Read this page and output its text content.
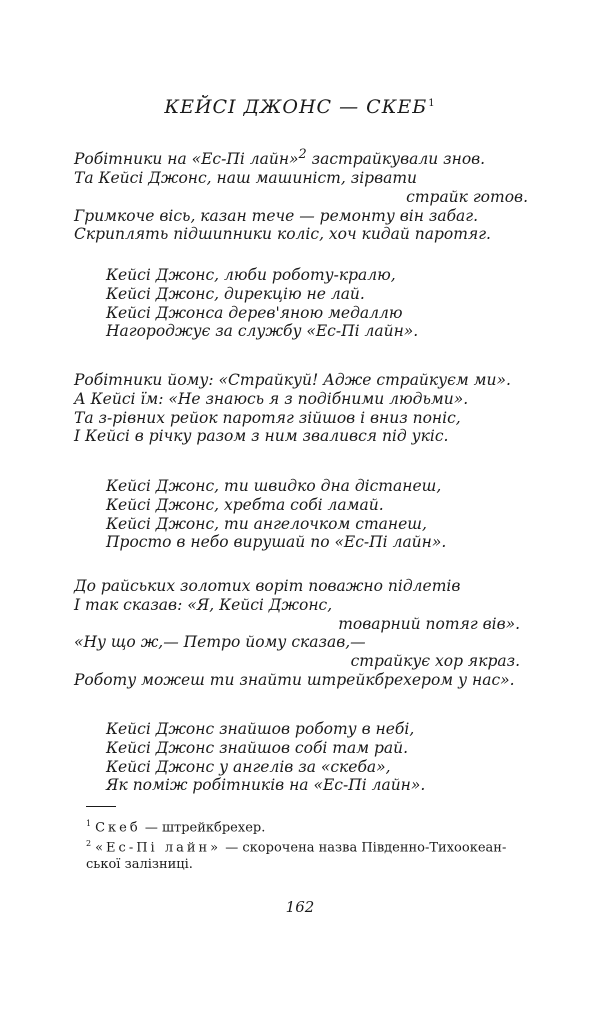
КЕЙСІ ДЖОНС — СКЕБ$^1$
Робітники на «Ес-Пі лайн»$^2$ застрайкували знов.
Та Кейсі Джонс, наш машиніст, зірвати
страйк готов.
Гримкоче вісь, казан тече — ремонту він забаг.
Скриплять підшипники коліс, хоч кидай паротяг.
Кейсі Джонс, люби роботу-кралю,
Кейсі Джонс, дирекцію не лай.
Кейсі Джонса дерев'яною медаллю
Нагороджує за службу «Ес-Пі лайн».
Робітники йому: «Страйкуй! Адже страйкуєм ми».
А Кейсі їм: «Не знаюсь я з подібними людьми».
Та з-рівних рейок паротяг зійшов і вниз поніс,
І Кейсі в річку разом з ним звалився під укіс.
Кейсі Джонс, ти швидко дна дістанеш,
Кейсі Джонс, хребта собі ламай.
Кейсі Джонс, ти ангелочком станеш,
Просто в небо вирушай по «Ес-Пі лайн».
До райських золотих воріт поважно підлетів
І так сказав: «Я, Кейсі Джонс,
товарний потяг вів».
«Ну що ж,— Петро йому сказав,—
страйкує хор якраз.
Роботу можеш ти знайти штрейкбрехером у нас».
Кейсі Джонс знайшов роботу в небі,
Кейсі Джонс знайшов собі там рай.
Кейсі Джонс у ангелів за «скеба»,
Як поміж робітників на «Ес-Пі лайн».
$^1$ Скеб — штрейкбрехер.
$^2$ «Ес-Пі лайн» — скорочена назва Південно-Тихоокеан-
ської залізниці.
162
